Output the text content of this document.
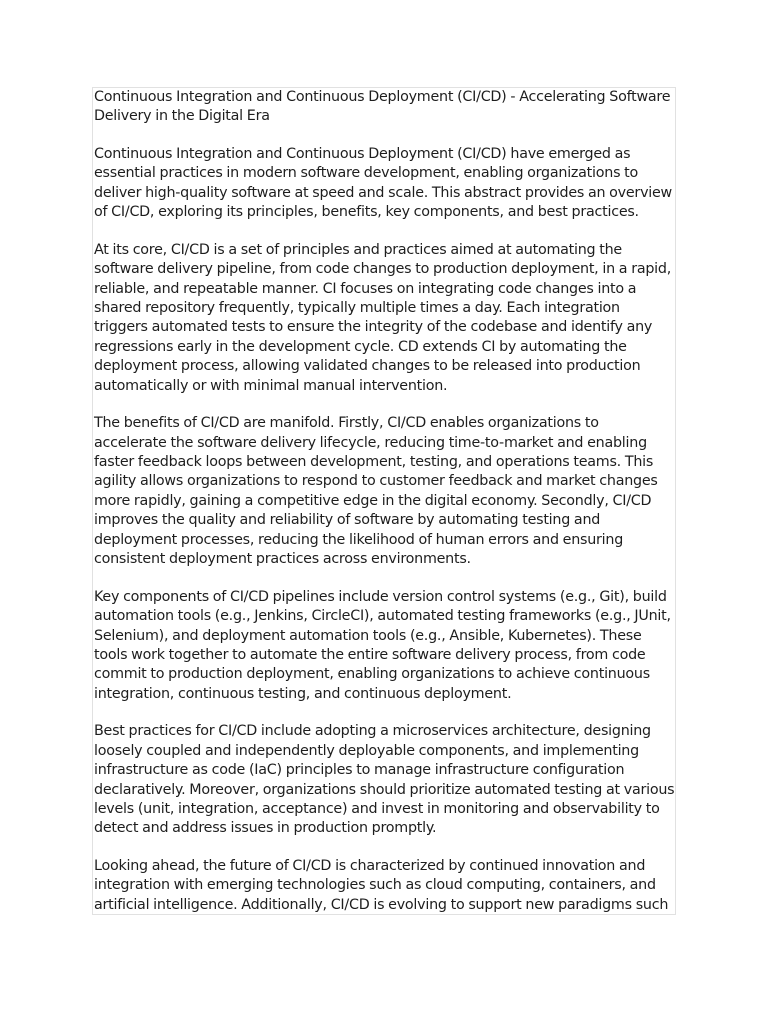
Continuous Integration and Continuous Deployment (CI/CD) - Accelerating Software Delivery in the Digital Era

Continuous Integration and Continuous Deployment (CI/CD) have emerged as essential practices in modern software development, enabling organizations to deliver high-quality software at speed and scale. This abstract provides an overview of CI/CD, exploring its principles, benefits, key components, and best practices.

At its core, CI/CD is a set of principles and practices aimed at automating the software delivery pipeline, from code changes to production deployment, in a rapid, reliable, and repeatable manner. CI focuses on integrating code changes into a shared repository frequently, typically multiple times a day. Each integration triggers automated tests to ensure the integrity of the codebase and identify any regressions early in the development cycle. CD extends CI by automating the deployment process, allowing validated changes to be released into production automatically or with minimal manual intervention.

The benefits of CI/CD are manifold. Firstly, CI/CD enables organizations to accelerate the software delivery lifecycle, reducing time-to-market and enabling faster feedback loops between development, testing, and operations teams. This agility allows organizations to respond to customer feedback and market changes more rapidly, gaining a competitive edge in the digital economy. Secondly, CI/CD improves the quality and reliability of software by automating testing and deployment processes, reducing the likelihood of human errors and ensuring consistent deployment practices across environments.

Key components of CI/CD pipelines include version control systems (e.g., Git), build automation tools (e.g., Jenkins, CircleCI), automated testing frameworks (e.g., JUnit, Selenium), and deployment automation tools (e.g., Ansible, Kubernetes). These tools work together to automate the entire software delivery process, from code commit to production deployment, enabling organizations to achieve continuous integration, continuous testing, and continuous deployment.

Best practices for CI/CD include adopting a microservices architecture, designing loosely coupled and independently deployable components, and implementing infrastructure as code (IaC) principles to manage infrastructure configuration declaratively. Moreover, organizations should prioritize automated testing at various levels (unit, integration, acceptance) and invest in monitoring and observability to detect and address issues in production promptly.

Looking ahead, the future of CI/CD is characterized by continued innovation and integration with emerging technologies such as cloud computing, containers, and artificial intelligence. Additionally, CI/CD is evolving to support new paradigms such
